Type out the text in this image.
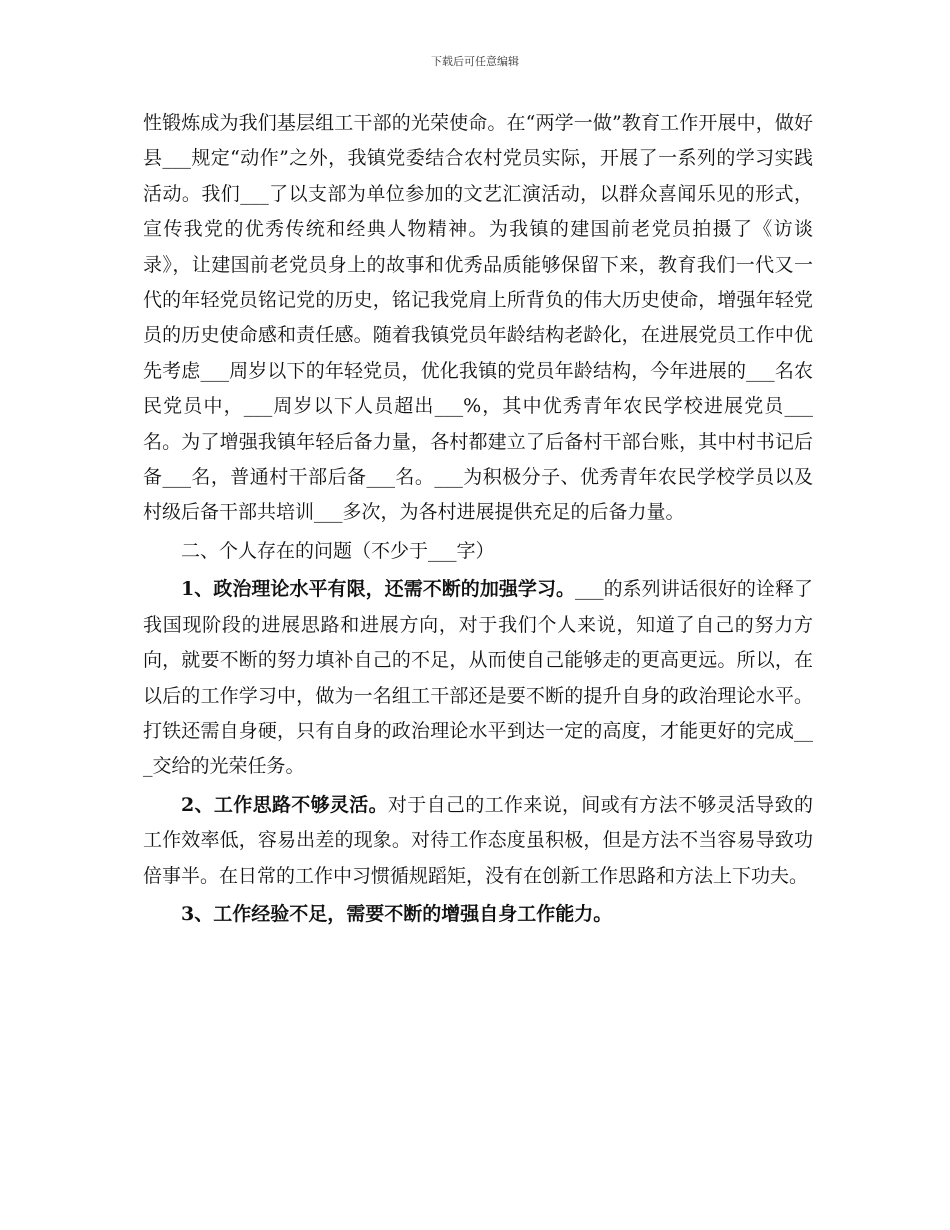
下载后可任意编辑

性锻炼成为我们基层组工干部的光荣使命。在“两学一做”教育工作开展中，做好县___规定“动作”之外，我镇党委结合农村党员实际，开展了一系列的学习实践活动。我们___了以支部为单位参加的文艺汇演活动，以群众喜闻乐见的形式，宣传我党的优秀传统和经典人物精神。为我镇的建国前老党员拍摄了《访谈录》，让建国前老党员身上的故事和优秀品质能够保留下来，教育我们一代又一代的年轻党员铭记党的历史，铭记我党肩上所背负的伟大历史使命，增强年轻党员的历史使命感和责任感。随着我镇党员年龄结构老龄化，在进展党员工作中优先考虑___周岁以下的年轻党员，优化我镇的党员年龄结构，今年进展的___名农民党员中，___周岁以下人员超出___%，其中优秀青年农民学校进展党员___名。为了增强我镇年轻后备力量，各村都建立了后备村干部台账，其中村书记后备___名，普通村干部后备___名。___为积极分子、优秀青年农民学校学员以及村级后备干部共培训___多次，为各村进展提供充足的后备力量。

二、个人存在的问题（不少于___字）

1、政治理论水平有限，还需不断的加强学习。___的系列讲话很好的诠释了我国现阶段的进展思路和进展方向，对于我们个人来说，知道了自己的努力方向，就要不断的努力填补自己的不足，从而使自己能够走的更高更远。所以，在以后的工作学习中，做为一名组工干部还是要不断的提升自身的政治理论水平。打铁还需自身硬，只有自身的政治理论水平到达一定的高度，才能更好的完成___交给的光荣任务。

2、工作思路不够灵活。对于自己的工作来说，间或有方法不够灵活导致的工作效率低，容易出差的现象。对待工作态度虽积极，但是方法不当容易导致功倍事半。在日常的工作中习惯循规蹈矩，没有在创新工作思路和方法上下功夫。

3、工作经验不足，需要不断的增强自身工作能力。
